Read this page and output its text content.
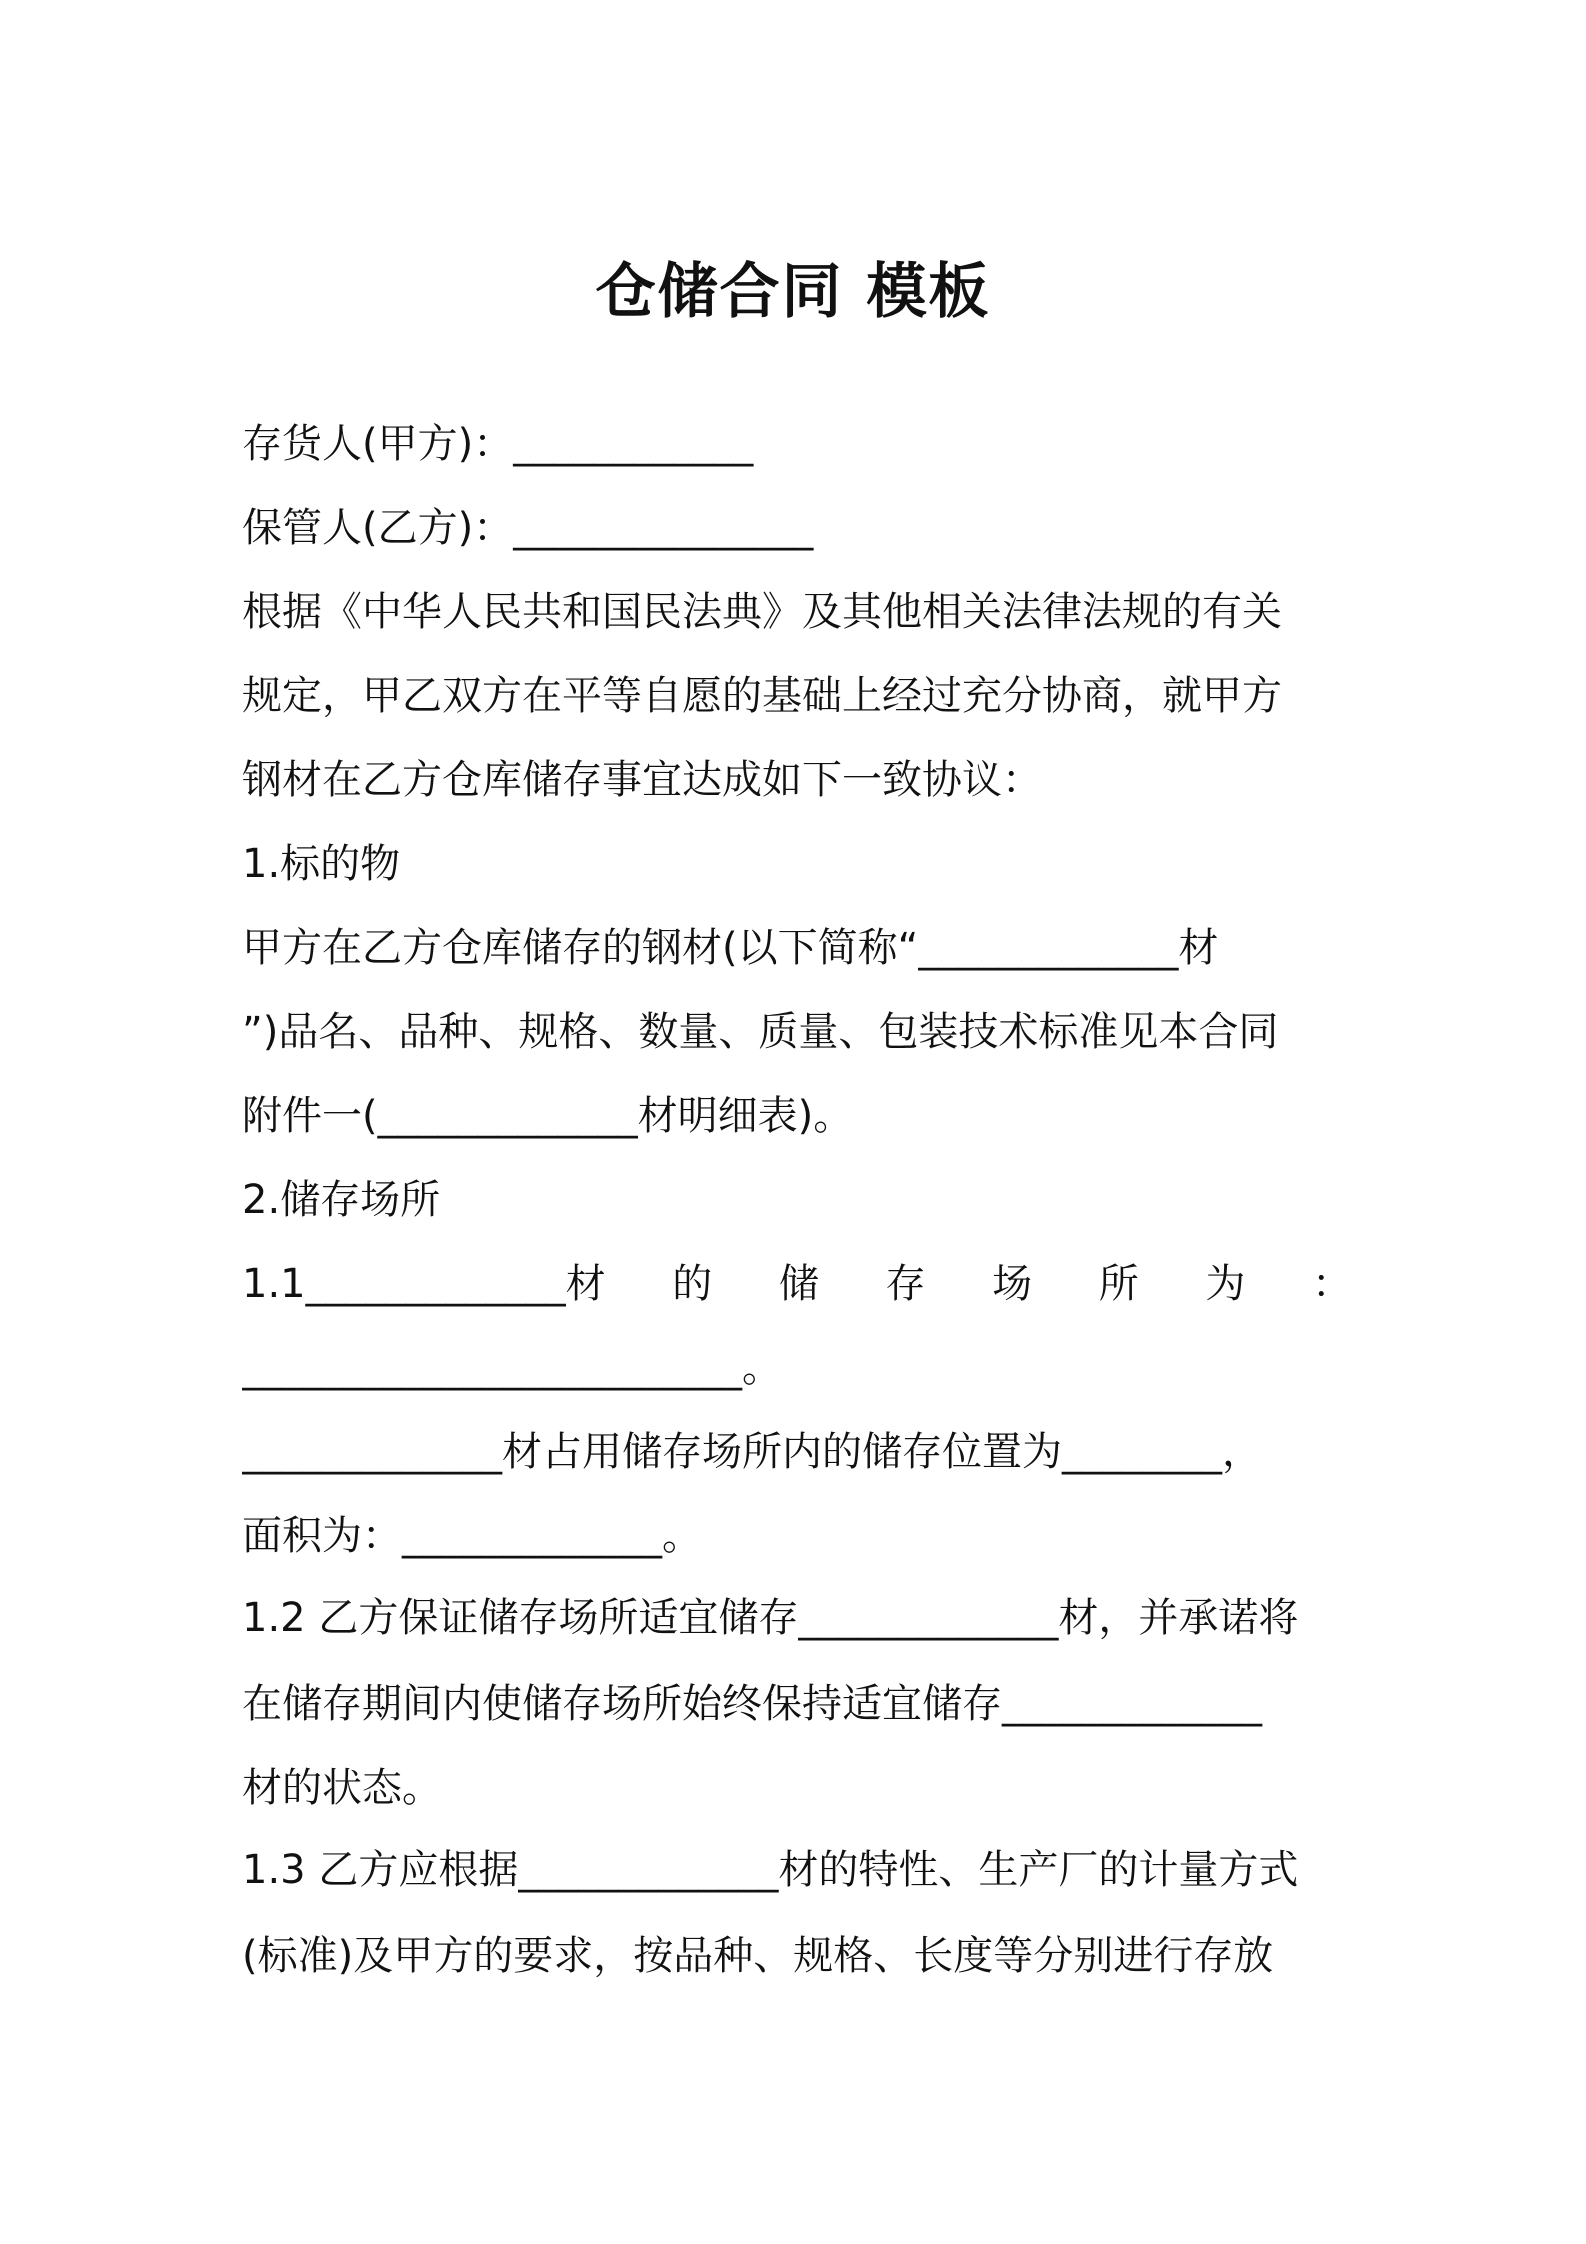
仓储合同 模板

存货人(甲方)：____________

保管人(乙方)：_______________

根据《中华人民共和国民法典》及其他相关法律法规的有关

规定，甲乙双方在平等自愿的基础上经过充分协商，就甲方

钢材在乙方仓库储存事宜达成如下一致协议：

1.标的物

甲方在乙方仓库储存的钢材(以下简称“_____________材

”)品名、品种、规格、数量、质量、包装技术标准见本合同

附件一(_____________材明细表)。

2.储存场所

1.1_____________材 的 储 存 场 所 为 ：

_________________________。

_____________材占用储存场所内的储存位置为________，

面积为：_____________。

1.2 乙方保证储存场所适宜储存_____________材，并承诺将

在储存期间内使储存场所始终保持适宜储存_____________

材的状态。

1.3 乙方应根据_____________材的特性、生产厂的计量方式

(标准)及甲方的要求，按品种、规格、长度等分别进行存放
